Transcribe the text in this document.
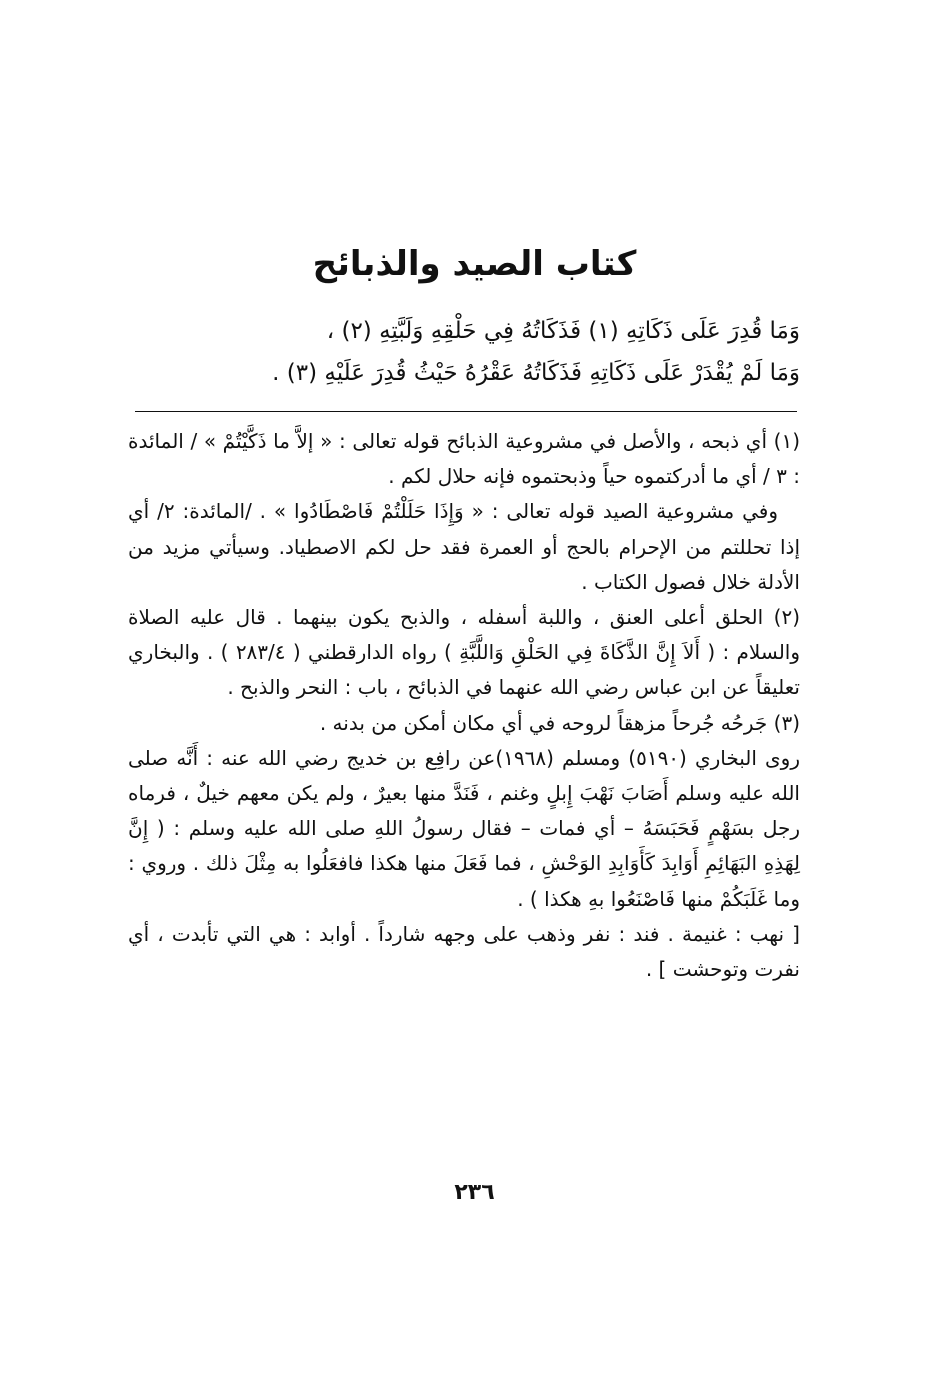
كتاب الصيد والذبائح
وَمَا قُدِرَ عَلَى ذَكَاتِهِ (١) فَذَكَاتُهُ فِي حَلْقِهِ وَلَبَّتِهِ (٢) ،
وَمَا لَمْ يُقْدَرْ عَلَى ذَكَاتِهِ فَذَكَاتُهُ عَقْرُهُ حَيْثُ قُدِرَ عَلَيْهِ (٣) .

(١) أي ذبحه ، والأصل في مشروعية الذبائح قوله تعالى : « إلاَّ ما ذَكَّيْتُمْ » / المائدة : ٣ / أي ما أدركتموه حياً وذبحتموه فإنه حلال لكم .

وفي مشروعية الصيد قوله تعالى : « وَإِذَا حَلَلْتُمْ فَاصْطَادُوا » . /المائدة: ٢/ أي إذا تحللتم من الإحرام بالحج أو العمرة فقد حل لكم الاصطياد. وسيأتي مزيد من الأدلة خلال فصول الكتاب .

(٢) الحلق أعلى العنق ، واللبة أسفله ، والذبح يكون بينهما . قال عليه الصلاة والسلام : ( أَلاَ إِنَّ الذَّكَاةَ فِي الحَلْقِ وَاللَّبَّةِ ) رواه الدارقطني ( ٢٨٣/٤ ) . والبخاري تعليقاً عن ابن عباس رضي الله عنهما في الذبائح ، باب : النحر والذبح .

(٣) جَرحُه جُرحاً مزهقاً لروحه في أي مكان أمكن من بدنه .

روى البخاري (٥١٩٠) ومسلم (١٩٦٨)عن رافِع بن خديج رضي الله عنه : أَنَّه صلى الله عليه وسلم أَصَابَ نَهْبَ إِبلٍ وغنم ، فَنَدَّ منها بعيرٌ ، ولم يكن معهم خيلٌ ، فرماه رجل بسَهْمٍ فَحَبَسَهُ – أي فمات – فقال رسولُ اللهِ صلى الله عليه وسلم : ( إِنَّ لِهَذِهِ البَهَائِمِ أَوَابِدَ كَأَوَابِدِ الوَحْشِ ، فما فَعَلَ منها هكذا فافعَلُوا به مِثْلَ ذلك . وروي : وما غَلَبَكُمْ منها فَاصْنَعُوا بهِ هكذا ) .

[ نهب : غنيمة . فند : نفر وذهب على وجهه شارداً . أوابد : هي التي تأبدت ، أي نفرت وتوحشت ] .

٢٣٦
